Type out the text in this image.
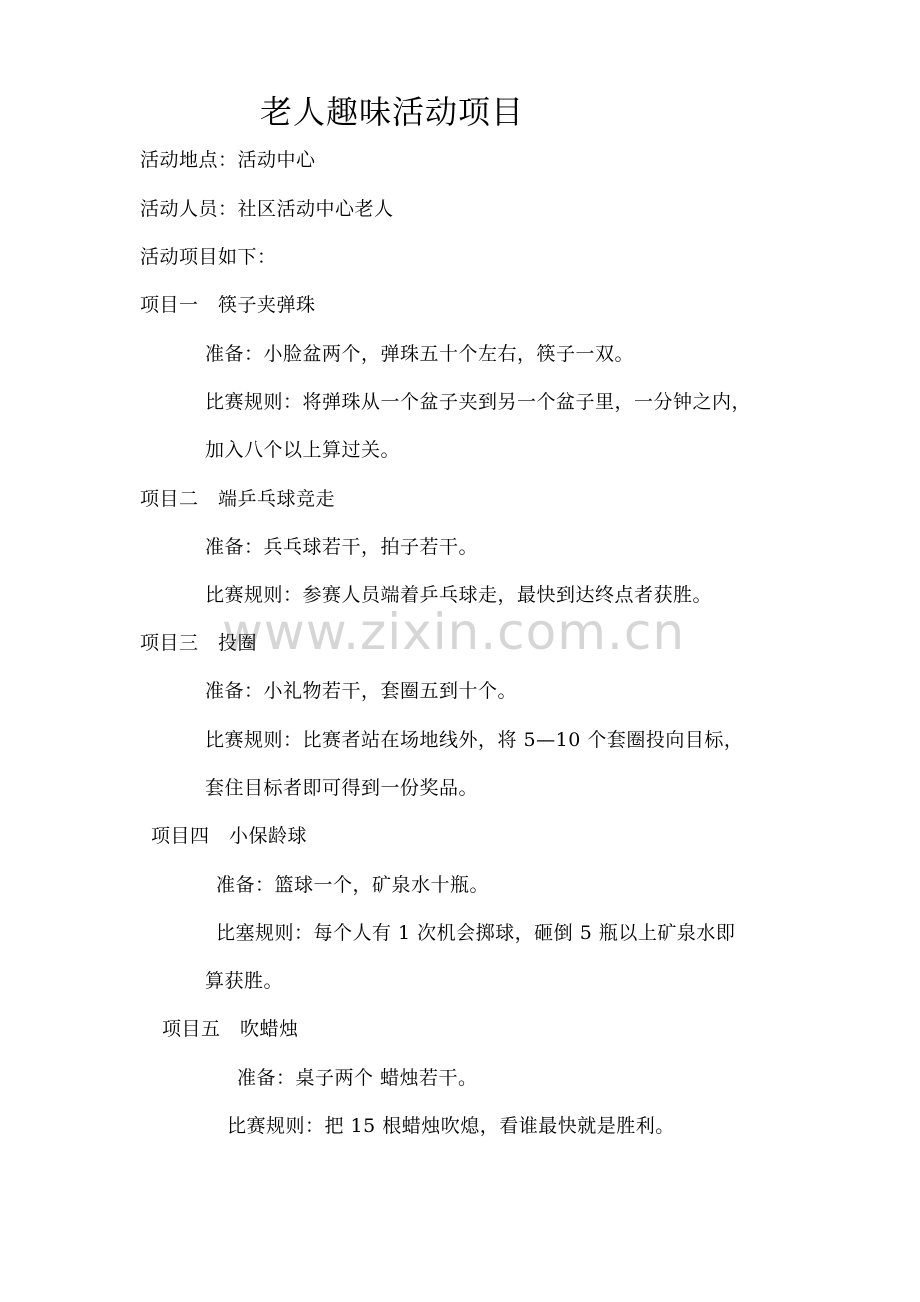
老人趣味活动项目
活动地点：活动中心
活动人员：社区活动中心老人
活动项目如下：
项目一　筷子夹弹珠
准备：小脸盆两个，弹珠五十个左右，筷子一双。
比赛规则：将弹珠从一个盆子夹到另一个盆子里，一分钟之内，
加入八个以上算过关。
项目二　端乒乓球竞走
准备：兵乓球若干，拍子若干。
比赛规则：参赛人员端着乒乓球走，最快到达终点者获胜。
www.zixin.com.cn
项目三　投圈
准备：小礼物若干，套圈五到十个。
比赛规则：比赛者站在场地线外，将 5—10 个套圈投向目标，
套住目标者即可得到一份奖品。
项目四　小保龄球
准备：篮球一个，矿泉水十瓶。
比塞规则：每个人有 1 次机会掷球，砸倒 5 瓶以上矿泉水即
算获胜。
项目五　吹蜡烛
准备：桌子两个 蜡烛若干。
比赛规则：把 15 根蜡烛吹熄，看谁最快就是胜利。
